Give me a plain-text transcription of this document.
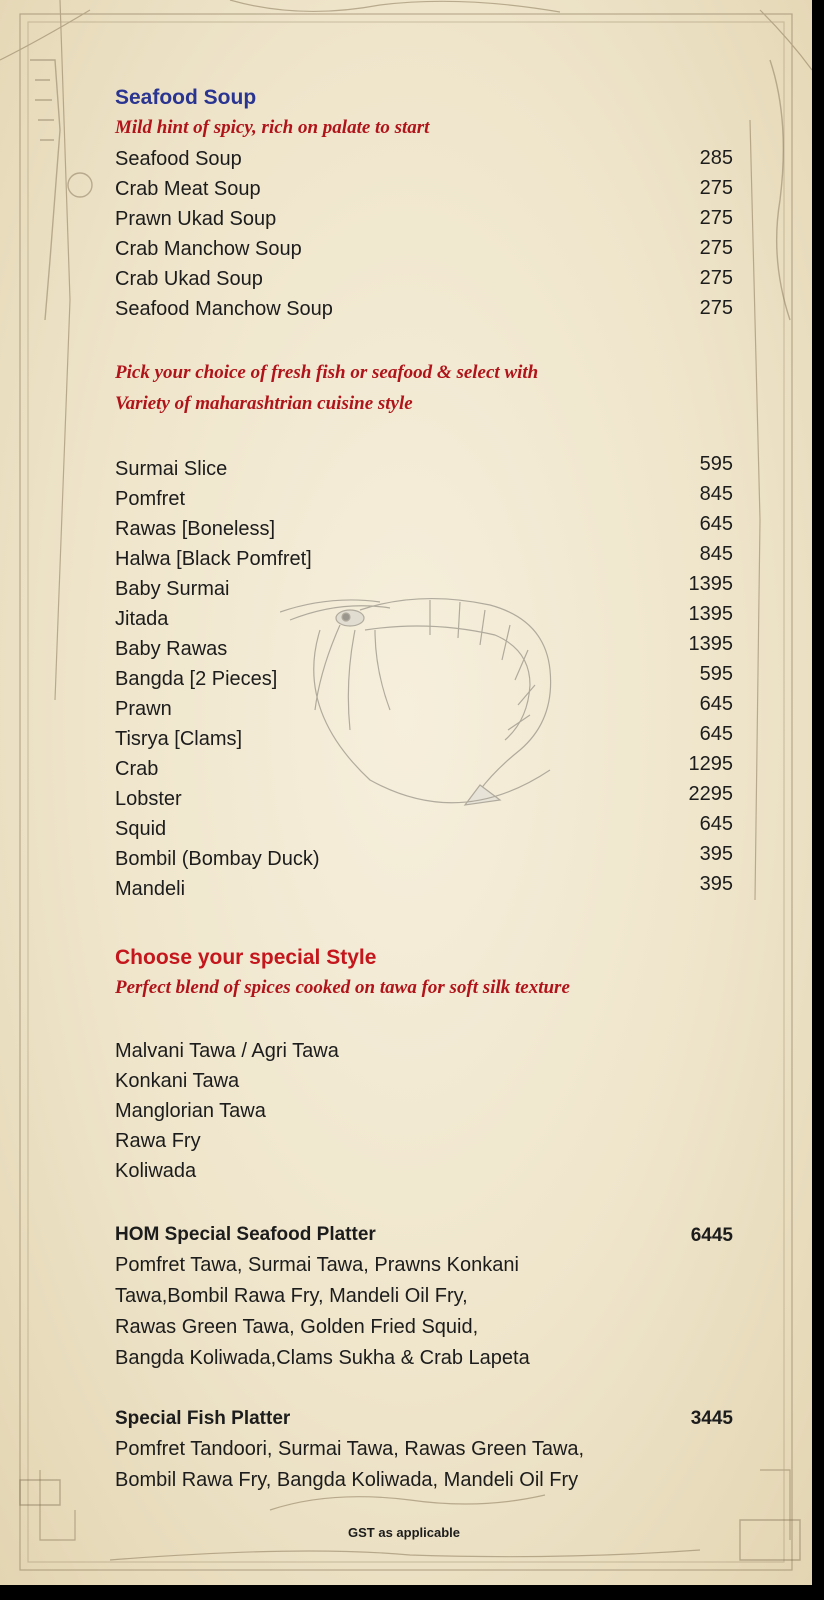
Seafood Soup
Mild hint of spicy, rich on palate to start
Seafood Soup	285
Crab Meat Soup	275
Prawn Ukad Soup	275
Crab Manchow Soup	275
Crab Ukad Soup	275
Seafood Manchow Soup	275
Pick your choice of fresh fish or seafood & select with
Variety of maharashtrian cuisine style
Surmai Slice	595
Pomfret	845
Rawas [Boneless]	645
Halwa [Black Pomfret]	845
Baby Surmai	1395
Jitada	1395
Baby Rawas	1395
Bangda [2 Pieces]	595
Prawn	645
Tisrya [Clams]	645
Crab	1295
Lobster	2295
Squid	645
Bombil (Bombay Duck)	395
Mandeli	395
Choose your special Style
Perfect blend of spices cooked on tawa for soft silk texture
Malvani Tawa / Agri Tawa
Konkani Tawa
Manglorian Tawa
Rawa Fry
Koliwada
HOM Special Seafood Platter	6445
Pomfret Tawa, Surmai Tawa, Prawns Konkani
Tawa,Bombil Rawa Fry, Mandeli Oil Fry,
Rawas Green Tawa, Golden Fried Squid,
Bangda Koliwada,Clams Sukha & Crab Lapeta
Special Fish Platter	3445
Pomfret Tandoori, Surmai Tawa, Rawas Green Tawa,
Bombil Rawa Fry, Bangda Koliwada, Mandeli Oil Fry
GST as applicable
